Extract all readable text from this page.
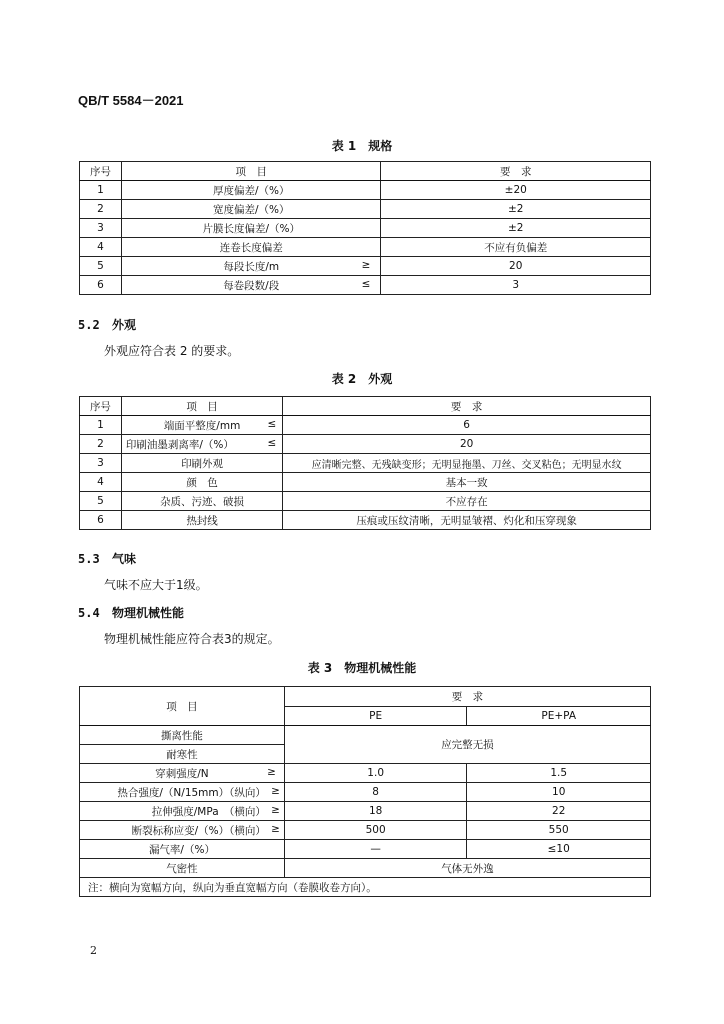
QB/T 5584－2021
表 1　规格
序号	项　目	要　求
1	厚度偏差/（%）	±20
2	宽度偏差/（%）	±2
3	片膜长度偏差/（%）	±2
4	连卷长度偏差	不应有负偏差
5	每段长度/m ≥	20
6	每卷段数/段 ≤	3
5.2 外观
外观应符合表 2 的要求。
表 2　外观
序号	项　目	要　求
1	端面平整度/mm ≤	6
2	印刷油墨剥离率/（%） ≤	20
3	印刷外观	应清晰完整、无残缺变形；无明显拖墨、刀丝、交叉粘色；无明显水纹
4	颜　色	基本一致
5	杂质、污迹、破损	不应存在
6	热封线	压痕或压纹清晰，无明显皱褶、灼化和压穿现象
5.3 气味
气味不应大于1级。
5.4 物理机械性能
物理机械性能应符合表3的规定。
表 3　物理机械性能
项　目	要　求	
	PE	PE+PA
撕离性能	应完整无损	
耐寒性		

穿刺强度/N ≥	1.0	1.5

热合强度/（N/15mm）（纵向） ≥	8	10

拉伸强度/MPa　（横向） ≥	18	22

断裂标称应变/（%）（横向） ≥	500	550
漏气率/（%）	—	≤10
气密性	气体无外逸	
注：横向为宽幅方向，纵向为垂直宽幅方向（卷膜收卷方向）。		
2
